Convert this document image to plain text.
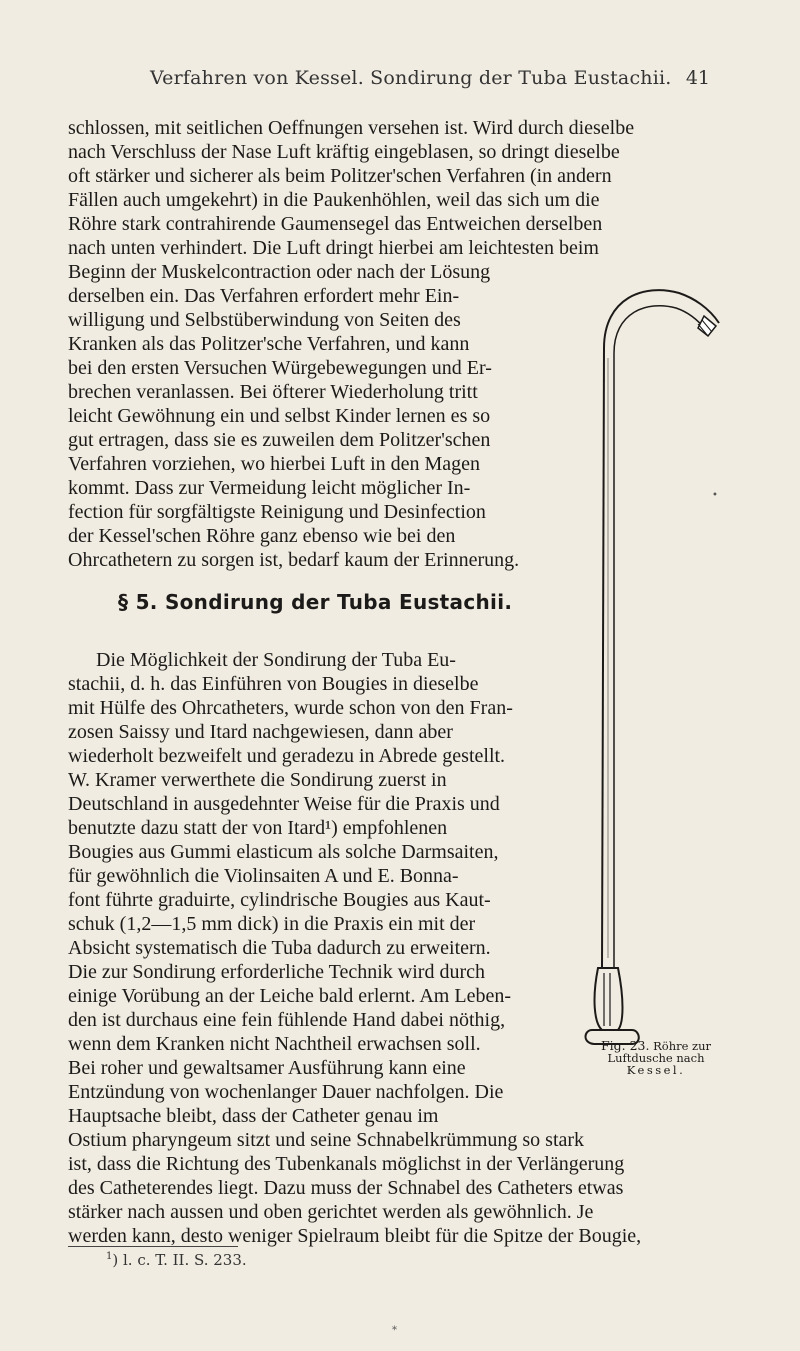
Verfahren von Kessel. Sondirung der Tuba Eustachii. 41
schlossen, mit seitlichen Oeffnungen versehen ist. Wird durch dieselbe
nach Verschluss der Nase Luft kräftig eingeblasen, so dringt dieselbe
oft stärker und sicherer als beim Politzer'schen Verfahren (in andern
Fällen auch umgekehrt) in die Paukenhöhlen, weil das sich um die
Röhre stark contrahirende Gaumensegel das Entweichen derselben
nach unten verhindert. Die Luft dringt hierbei am leichtesten beim
Beginn der Muskelcontraction oder nach der Lösung
derselben ein. Das Verfahren erfordert mehr Ein-
willigung und Selbstüberwindung von Seiten des
Kranken als das Politzer'sche Verfahren, und kann
bei den ersten Versuchen Würgebewegungen und Er-
brechen veranlassen. Bei öfterer Wiederholung tritt
leicht Gewöhnung ein und selbst Kinder lernen es so
gut ertragen, dass sie es zuweilen dem Politzer'schen
Verfahren vorziehen, wo hierbei Luft in den Magen
kommt. Dass zur Vermeidung leicht möglicher In-
fection für sorgfältigste Reinigung und Desinfection
der Kessel'schen Röhre ganz ebenso wie bei den
Ohrcathetern zu sorgen ist, bedarf kaum der Erinnerung.
§ 5. Sondirung der Tuba Eustachii.
Die Möglichkeit der Sondirung der Tuba Eu-
stachii, d. h. das Einführen von Bougies in dieselbe
mit Hülfe des Ohrcatheters, wurde schon von den Fran-
zosen Saissy und Itard nachgewiesen, dann aber
wiederholt bezweifelt und geradezu in Abrede gestellt.
W. Kramer verwerthete die Sondirung zuerst in
Deutschland in ausgedehnter Weise für die Praxis und
benutzte dazu statt der von Itard¹) empfohlenen
Bougies aus Gummi elasticum als solche Darmsaiten,
für gewöhnlich die Violinsaiten A und E. Bonna-
font führte graduirte, cylindrische Bougies aus Kaut-
schuk (1,2—1,5 mm dick) in die Praxis ein mit der
Absicht systematisch die Tuba dadurch zu erweitern.
Die zur Sondirung erforderliche Technik wird durch
einige Vorübung an der Leiche bald erlernt. Am Leben-
den ist durchaus eine fein fühlende Hand dabei nöthig,
wenn dem Kranken nicht Nachtheil erwachsen soll.
Bei roher und gewaltsamer Ausführung kann eine
Entzündung von wochenlanger Dauer nachfolgen. Die
Hauptsache bleibt, dass der Catheter genau im
Ostium pharyngeum sitzt und seine Schnabelkrümmung so stark
ist, dass die Richtung des Tubenkanals möglichst in der Verlängerung
des Catheterendes liegt. Dazu muss der Schnabel des Catheters etwas
stärker nach aussen und oben gerichtet werden als gewöhnlich. Je
werden kann, desto weniger Spielraum bleibt für die Spitze der Bougie,
Fig. 23. Röhre zur
Luftdusche nach
Kessel.
$^1$) l. c. T. II. S. 233.
•
*
